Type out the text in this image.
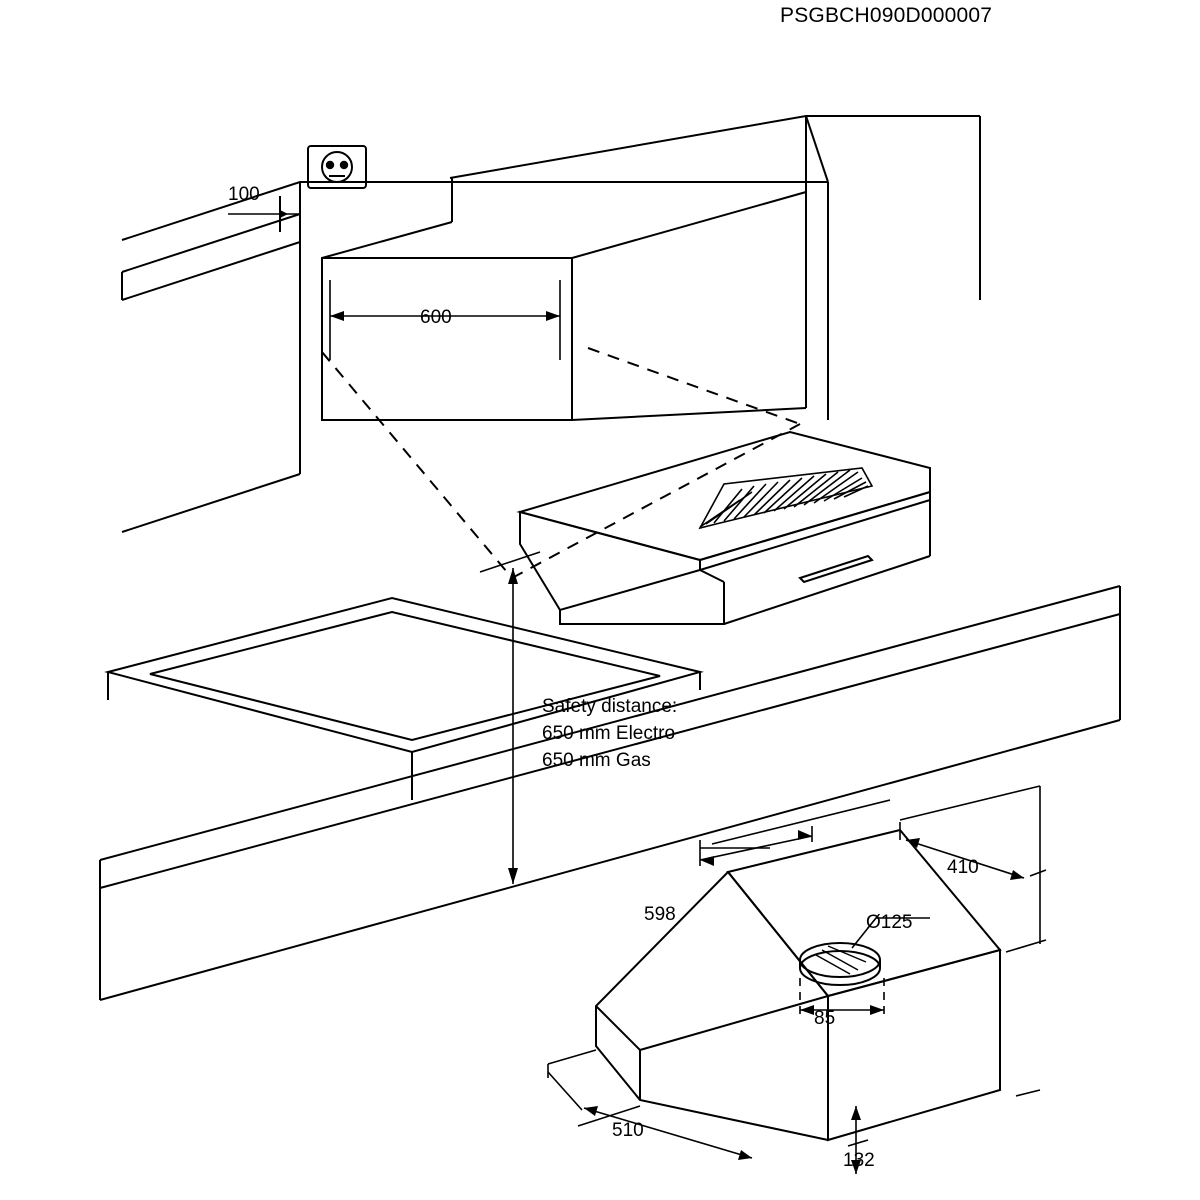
PSGBCH090D000007
100
600
Safety distance:
650 mm Electro
650 mm Gas
598
410
Ø125
85
510
132
